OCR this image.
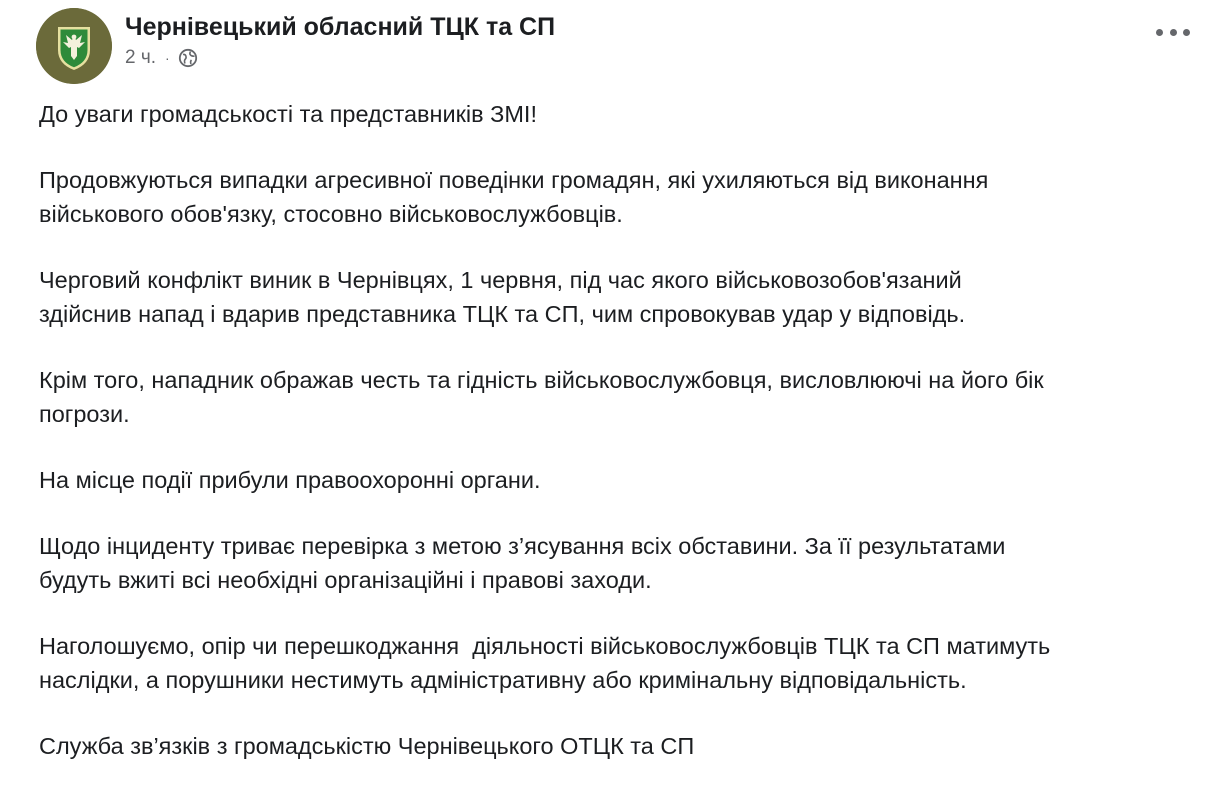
Чернівецький обласний ТЦК та СП
2 ч. ·

До уваги громадськості та представників ЗМІ!

Продовжуються випадки агресивної поведінки громадян, які ухиляються від виконання
військового обов'язку, стосовно військовослужбовців.

Черговий конфлікт виник в Чернівцях, 1 червня, під час якого військовозобов'язаний
здійснив напад і вдарив представника ТЦК та СП, чим спровокував удар у відповідь.

Крім того, нападник ображав честь та гідність військовослужбовця, висловлюючі на його бік
погрози.

На місце події прибули правоохоронні органи.

Щодо інциденту триває перевірка з метою з’ясування всіх обставини. За її результатами
будуть вжиті всі необхідні організаційні і правові заходи.

Наголошуємо, опір чи перешкоджання  діяльності військовослужбовців ТЦК та СП матимуть
наслідки, а порушники нестимуть адміністративну або кримінальну відповідальність.

Служба зв’язків з громадськістю Чернівецького ОТЦК та СП
